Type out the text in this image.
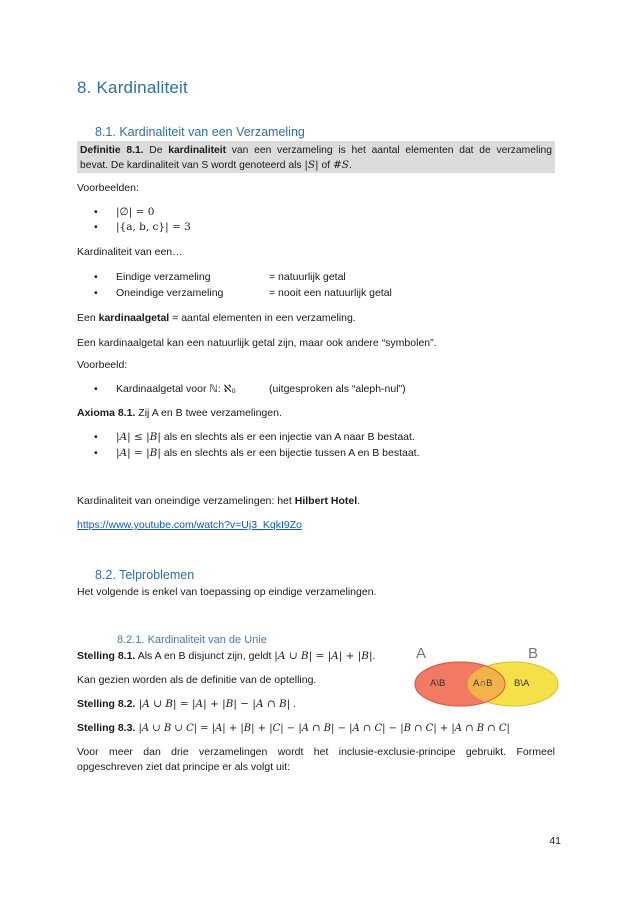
8. Kardinaliteit
8.1. Kardinaliteit van een Verzameling
Definitie 8.1. De kardinaliteit van een verzameling is het aantal elementen dat de verzameling
bevat. De kardinaliteit van S wordt genoteerd als |S| of #S.
Voorbeelden:
• |∅| = 0
• |{a, b, c}| = 3
Kardinaliteit van een…
• Eindige verzameling	= natuurlijk getal
• Oneindige verzameling	= nooit een natuurlijk getal
Een kardinaalgetal = aantal elementen in een verzameling.
Een kardinaalgetal kan een natuurlijk getal zijn, maar ook andere “symbolen”.
Voorbeeld:
• Kardinaalgetal voor ℕ: ℵ₀	(uitgesproken als “aleph-nul”)
Axioma 8.1. Zij A en B twee verzamelingen.
• |A| ≤ |B| als en slechts als er een injectie van A naar B bestaat.
• |A| = |B| als en slechts als er een bijectie tussen A en B bestaat.
Kardinaliteit van oneindige verzamelingen: het Hilbert Hotel.
https://www.youtube.com/watch?v=Uj3_KqkI9Zo
8.2. Telproblemen
Het volgende is enkel van toepassing op eindige verzamelingen.
8.2.1. Kardinaliteit van de Unie
Stelling 8.1. Als A en B disjunct zijn, geldt |A ∪ B| = |A| + |B|.
Kan gezien worden als de definitie van de optelling.
Stelling 8.2. |A ∪ B| = |A| + |B| − |A ∩ B| .
Stelling 8.3. |A ∪ B ∪ C| = |A| + |B| + |C| − |A ∩ B| − |A ∩ C| − |B ∩ C| + |A ∩ B ∩ C|
Voor meer dan drie verzamelingen wordt het inclusie-exclusie-principe gebruikt. Formeel
opgeschreven ziet dat principe er als volgt uit:
A	B
A\B	A∩B B\A
41
